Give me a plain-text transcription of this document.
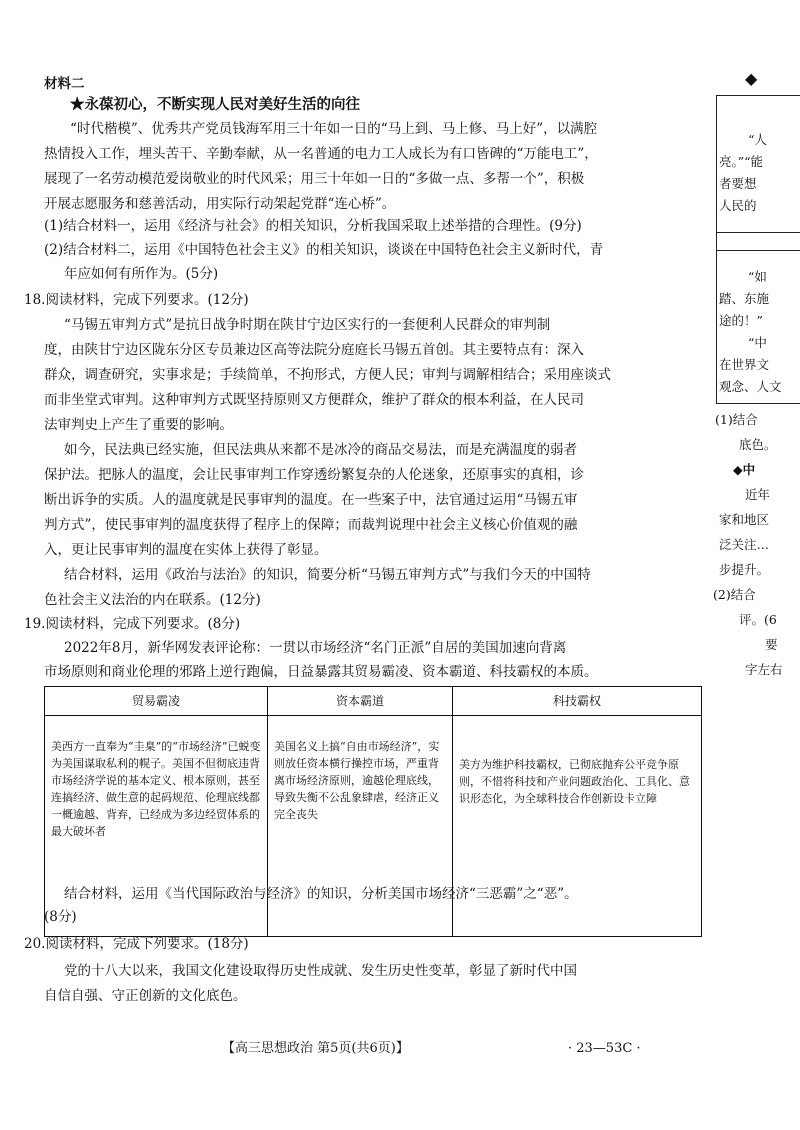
材料二
★永葆初心，不断实现人民对美好生活的向往
“时代楷模”、优秀共产党员钱海军用三十年如一日的“马上到、马上修、马上好”，以满腔
热情投入工作，埋头苦干、辛勤奉献，从一名普通的电力工人成长为有口皆碑的“万能电工”，
展现了一名劳动模范爱岗敬业的时代风采；用三十年如一日的“多做一点、多帮一个”，积极
开展志愿服务和慈善活动，用实际行动架起党群“连心桥”。
(1)结合材料一，运用《经济与社会》的相关知识，分析我国采取上述举措的合理性。(9分)
(2)结合材料二，运用《中国特色社会主义》的相关知识，谈谈在中国特色社会主义新时代，青
年应如何有所作为。(5分)
18.阅读材料，完成下列要求。(12分)
“马锡五审判方式”是抗日战争时期在陕甘宁边区实行的一套便利人民群众的审判制
度，由陕甘宁边区陇东分区专员兼边区高等法院分庭庭长马锡五首创。其主要特点有：深入
群众，调查研究，实事求是；手续简单，不拘形式，方便人民；审判与调解相结合；采用座谈式
而非坐堂式审判。这种审判方式既坚持原则又方便群众，维护了群众的根本利益，在人民司
法审判史上产生了重要的影响。
如今，民法典已经实施，但民法典从来都不是冰冷的商品交易法，而是充满温度的弱者
保护法。把脉人的温度，会让民事审判工作穿透纷繁复杂的人伦迷象，还原事实的真相，诊
断出诉争的实质。人的温度就是民事审判的温度。在一些案子中，法官通过运用“马锡五审
判方式”，使民事审判的温度获得了程序上的保障；而裁判说理中社会主义核心价值观的融
入，更让民事审判的温度在实体上获得了彰显。
结合材料，运用《政治与法治》的知识，简要分析“马锡五审判方式”与我们今天的中国特
色社会主义法治的内在联系。(12分)
19.阅读材料，完成下列要求。(8分)
2022年8月，新华网发表评论称：一贯以市场经济“名门正派”自居的美国加速向背离
市场原则和商业伦理的邪路上逆行跑偏，日益暴露其贸易霸凌、资本霸道、科技霸权的本质。
贸易霸凌	资本霸道	科技霸权
美西方一直奉为“圭臬”的“市场经济”已蜕变为美国谋取私利的幌子。美国不但彻底违背市场经济学说的基本定义、根本原则，甚至连搞经济、做生意的起码规范、伦理底线都一概逾越、背弃，已经成为多边经贸体系的最大破坏者	美国名义上搞“自由市场经济”，实则放任资本横行操控市场，严重背离市场经济原则，逾越伦理底线，导致失衡不公乱象肆虐，经济正义完全丧失	美方为维护科技霸权，已彻底抛弃公平竞争原则，不惜将科技和产业问题政治化、工具化、意识形态化，为全球科技合作创新设卡立障
结合材料，运用《当代国际政治与经济》的知识，分析美国市场经济“三恶霸”之“恶”。
(8分)
20.阅读材料，完成下列要求。(18分)
党的十八大以来，我国文化建设取得历史性成就、发生历史性变革，彰显了新时代中国
自信自强、守正创新的文化底色。
【高三思想政治 第5页(共6页)】	· 23—53C ·
◆
“人
亮。”“能
者要想
人民的
“如
踏、东施
途的！”
“中
在世界文
观念、人文
(1)结合
底色。
◆中
近年
家和地区
泛关注…
步提升。
(2)结合
评。(6
要
字左右
